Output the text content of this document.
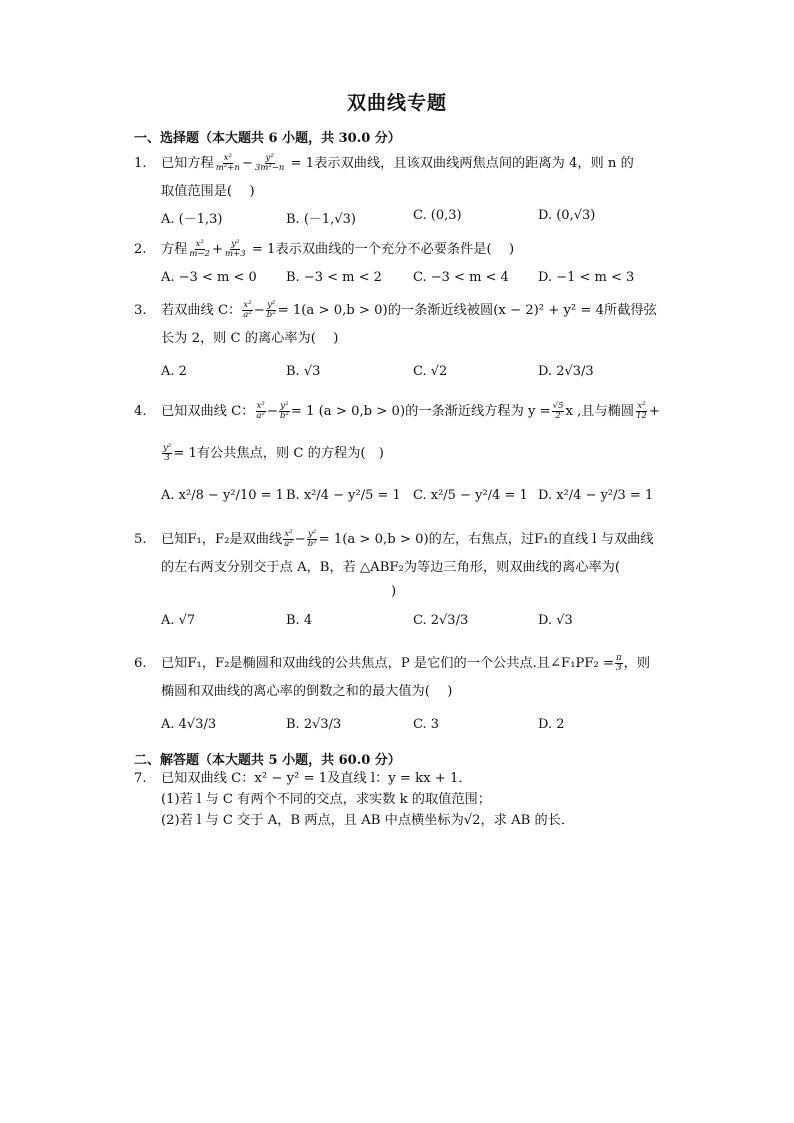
双曲线专题
一、选择题（本大题共 6 小题，共 30.0 分）
1.	已知方程 $\frac{\text{x²}}{\text{m²+n}} - \frac{\text{y²}}{\text{3m²−n}} = 1$表示双曲线，且该双曲线两焦点间的距离为 4，则 n 的
取值范围是(　 )
A. (－1,3)	B. (－1,√3)	C. (0,3)	D. (0,√3)
2.	方程 $\frac{\text{x²}}{m-2} + \frac{\text{y²}}{m+3} = 1$表示双曲线的一个充分不必要条件是(　 )
A. −3 < m < 0 B. −3 < m < 2 C. −3 < m < 4 D. −1 < m < 3
3.	若双曲线 C： $\frac{\text{x²}}{\text{a²}} - \frac{\text{y²}}{\text{b²}} = 1(a > 0,b > 0)$的一条渐近线被圆(x − 2)² + y² = 4所截得弦
长为 2，则 C 的离心率为(　 )
A. 2	B. √3	C. √2	D. 2√3/3
4.	已知双曲线 C： $\frac{\text{x²}}{\text{a²}} - \frac{\text{y²}}{\text{b²}} = 1$ (a > 0,b > 0)的一条渐近线方程为 $y = \frac{√5}{2}$ x ,且与椭圆 $\frac{\text{x²}}{12}$ +
$\frac{\text{y²}}{3} = 1$有公共焦点，则 C 的方程为(　)
A. x²/8 − y²/10 = 1 B. x²/4 − y²/5 = 1 C. x²/5 − y²/4 = 1 D. x²/4 − y²/3 = 1
5.	已知F₁，F₂是双曲线 $\frac{\text{x²}}{\text{a²}} - \frac{\text{y²}}{\text{b²}} = 1(a > 0,b > 0)$的左，右焦点，过F₁的直线 l 与双曲线
的左右两支分别交于点 A，B，若 △ABF₂为等边三角形，则双曲线的离心率为(
)
A. √7	B. 4	C. 2√3/3	D. √3
6.	已知F₁，F₂是椭圆和双曲线的公共焦点，P 是它们的一个公共点.且∠F₁PF₂ = $\frac{\pi}{3}$ ，则
椭圆和双曲线的离心率的倒数之和的最大值为(　 )
A. 4√3/3	B. 2√3/3	C. 3	D. 2
二、解答题（本大题共 5 小题，共 60.0 分）
7.	已知双曲线 C：x² − y² = 1及直线 l：y = kx + 1．
(1)若 l 与 C 有两个不同的交点，求实数 k 的取值范围；
(2)若 l 与 C 交于 A，B 两点，且 AB 中点横坐标为√2，求 AB 的长．
